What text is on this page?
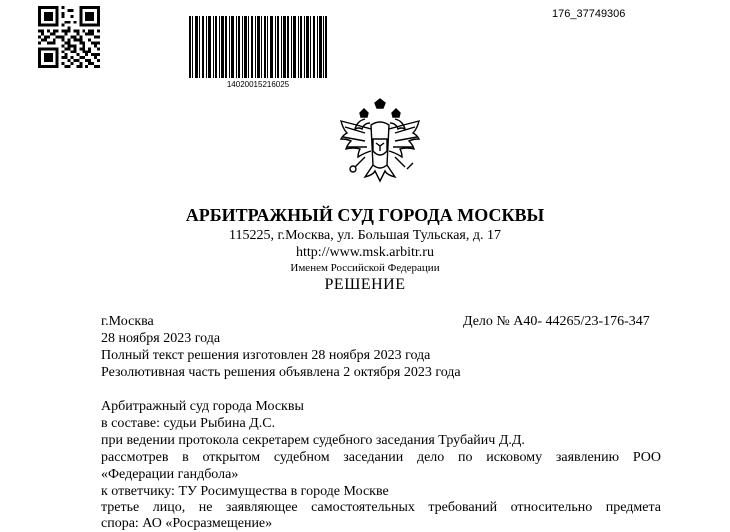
14020015216025
176_37749306
АРБИТРАЖНЫЙ СУД ГОРОДА МОСКВЫ
115225, г.Москва, ул. Большая Тульская, д. 17
http://www.msk.arbitr.ru
Именем Российской Федерации
РЕШЕНИЕ
г.Москва	Дело № А40- 44265/23-176-347
28 ноября 2023 года
Полный текст решения изготовлен 28 ноября 2023 года
Резолютивная часть решения объявлена 2 октября 2023 года
Арбитражный суд города Москвы
в составе: судьи Рыбина Д.С.
при ведении протокола секретарем судебного заседания Трубайич Д.Д.
рассмотрев в открытом судебном заседании дело по исковому заявлению РОО
«Федерации гандбола»
к ответчику: ТУ Росимущества в городе Москве
третье лицо, не заявляющее самостоятельных требований относительно предмета
спора: АО «Росразмещение»
